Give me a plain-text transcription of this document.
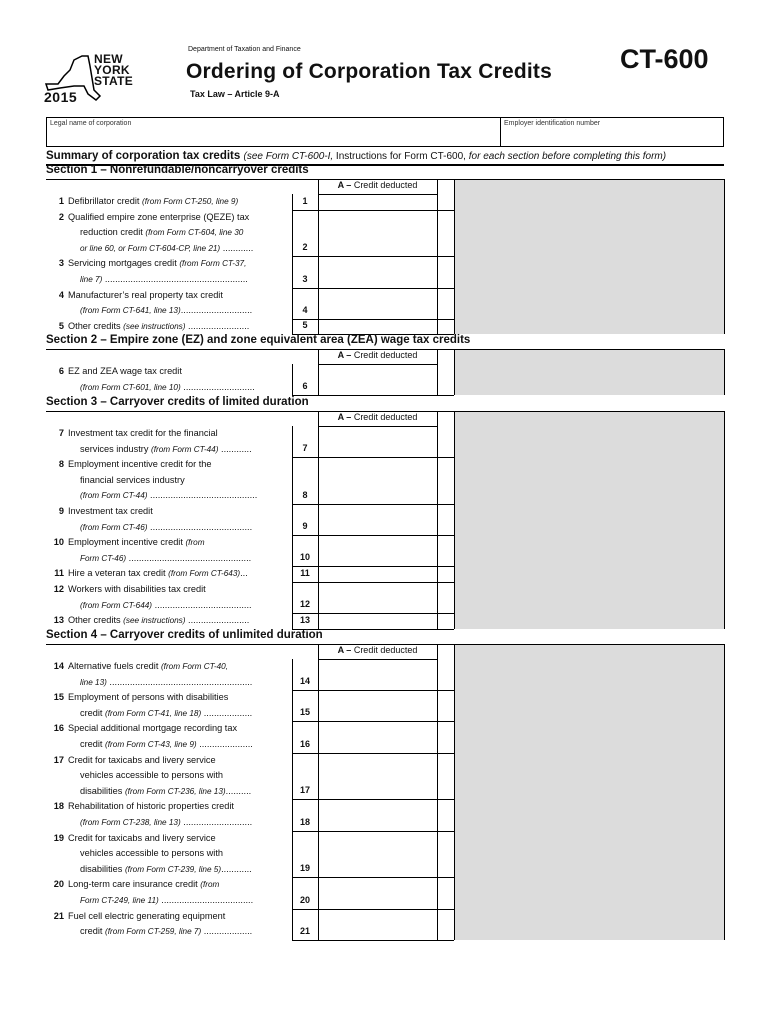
NEW
YORK
STATE
2015
Department of Taxation and Finance
Ordering of Corporation Tax Credits
Tax Law – Article 9-A
CT-600
Legal name of corporation	Employer identification number
Summary of corporation tax credits (see Form CT-600-I, Instructions for Form CT-600, for each section before completing this form)
Section 1 – Nonrefundable/noncarryover credits
A – Credit deducted
1 Defibrillator credit (from Form CT-250, line 9)	1
2 Qualified empire zone enterprise (QEZE) tax
reduction credit (from Form CT-604, line 30
or line 60, or Form CT-604-CP, line 21) ............	2
3 Servicing mortgages credit (from Form CT-37,
line 7) ........................................................	3
4 Manufacturer’s real property tax credit
(from Form CT-641, line 13)............................	4
5 Other credits (see instructions) ........................	5
Section 2 – Empire zone (EZ) and zone equivalent area (ZEA) wage tax credits
A – Credit deducted
6 EZ and ZEA wage tax credit
(from Form CT-601, line 10) ............................	6
Section 3 – Carryover credits of limited duration
A – Credit deducted
7 Investment tax credit for the financial
services industry (from Form CT-44) ............	7
8 Employment incentive credit for the
financial services industry
(from Form CT-44) ..........................................	8
9 Investment tax credit
(from Form CT-46) ........................................	9
10 Employment incentive credit (from
Form CT-46) ................................................	10
11 Hire a veteran tax credit (from Form CT-643)...	11
12 Workers with disabilities tax credit
(from Form CT-644) ......................................	12
13 Other credits (see instructions) ........................	13
Section 4 – Carryover credits of unlimited duration
A – Credit deducted
14 Alternative fuels credit (from Form CT-40,
line 13) ........................................................	14
15 Employment of persons with disabilities
credit (from Form CT-41, line 18) ...................	15
16 Special additional mortgage recording tax
credit (from Form CT-43, line 9) .....................	16
17 Credit for taxicabs and livery service
vehicles accessible to persons with
disabilities (from Form CT-236, line 13)..........	17
18 Rehabilitation of historic properties credit
(from Form CT-238, line 13) ...........................	18
19 Credit for taxicabs and livery service
vehicles accessible to persons with
disabilities (from Form CT-239, line 5)............	19
20 Long-term care insurance credit (from
Form CT-249, line 11) ....................................	20
21 Fuel cell electric generating equipment
credit (from Form CT-259, line 7) ...................	21
